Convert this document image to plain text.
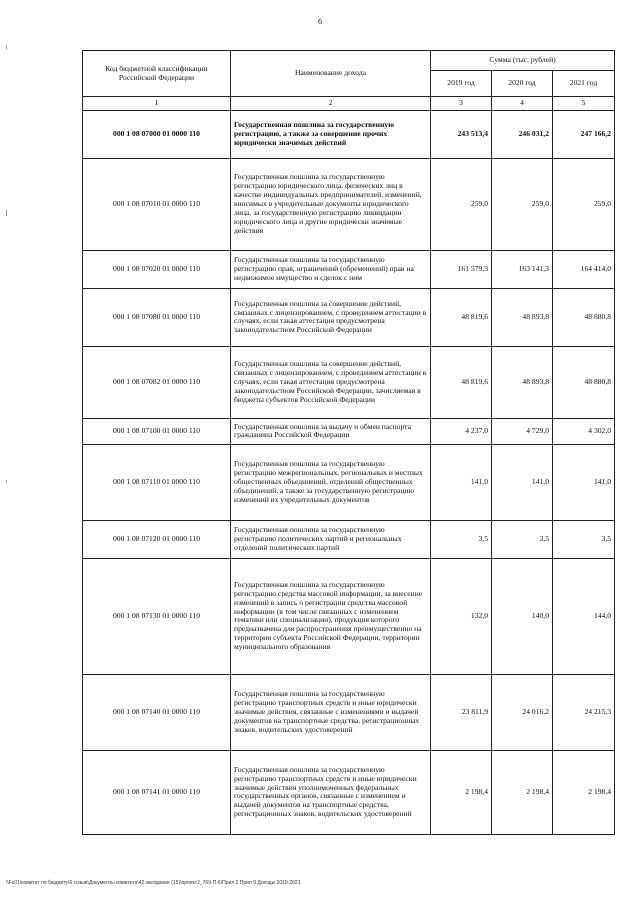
6
Код бюджетной классификации Российской Федерации	Наименование дохода	Сумма (тыс. рублей)		
		2019 год	2020 год	2021 год
1	2	3	4	5
000 1 08 07000 01 0000 110	Государственная пошлина за государственную регистрацию, а также за совершение прочих юридически значимых действий	243 513,4	246 031,2	247 166,2
000 1 08 07010 01 0000 110	Государственная пошлина за государственную регистрацию юридического лица, физических лиц в качестве индивидуальных предпринимателей, изменений, вносимых в учредительные документы юридического лица, за государственную регистрацию ликвидации юридического лица и другие юридически значимые действия	259,0	259,0	259,0
000 1 08 07020 01 0000 110	Государственная пошлина за государственную регистрацию прав, ограничений (обременений) прав на недвижимое имущество и сделок с ним	161 579,3	163 141,3	164 414,0
000 1 08 07080 01 0000 110	Государственная пошлина за совершение действий, связанных с лицензированием, с проведением аттестации в случаях, если такая аттестация предусмотрена законодательством Российской Федерации	48 819,6	48 893,8	48 880,8
000 1 08 07082 01 0000 110	Государственная пошлина за совершение действий, связанных с лицензированием, с проведением аттестации в случаях, если такая аттестация предусмотрена законодательством Российской Федерации, зачисляемая в бюджеты субъектов Российской Федерации	48 819,6	48 893,8	48 880,8
000 1 08 07100 01 0000 110	Государственная пошлина за выдачу и обмен паспорта гражданина Российской Федерации	4 237,0	4 729,0	4 302,0
000 1 08 07110 01 0000 110	Государственная пошлина за государственную регистрацию межрегиональных, региональных и местных общественных объединений, отделений общественных объединений, а также за государственную регистрацию изменений их учредительных документов	141,0	141,0	141,0
000 1 08 07120 01 0000 110	Государственная пошлина за государственную регистрацию политических партий и региональных отделений политических партий	3,5	3,5	3,5
000 1 08 07130 01 0000 110	Государственная пошлина за государственную регистрацию средства массовой информации, за внесение изменений в запись о регистрации средства массовой информации (в том числе связанных с изменением тематики или специализации), продукция которого предназначена для распространения преимущественно на территории субъекта Российской Федерации, территории муниципального образования	132,0	140,0	144,0
000 1 08 07140 01 0000 110	Государственная пошлина за государственную регистрацию транспортных средств и иные юридически значимые действия, связанные с изменениями и выдачей документов на транспортные средства, регистрационных знаков, водительских удостоверений	23 811,9	24 016,2	24 215,3
000 1 08 07141 01 0000 110	Государственная пошлина за государственную регистрацию транспортных средств и иные юридически значимые действия уполномоченных федеральных государственных органов, связанные с изменением и выдачей документов на транспортные средства, регистрационных знаков, водительских удостоверений	2 198,4	2 198,4	2 198,4
\\Fs01\комитет по бюджету\6 созыв\Документы комитета\42 заседание (15)\проект2_769-П-6\Прил 2 Прил 9 Доходы 2019-2021
